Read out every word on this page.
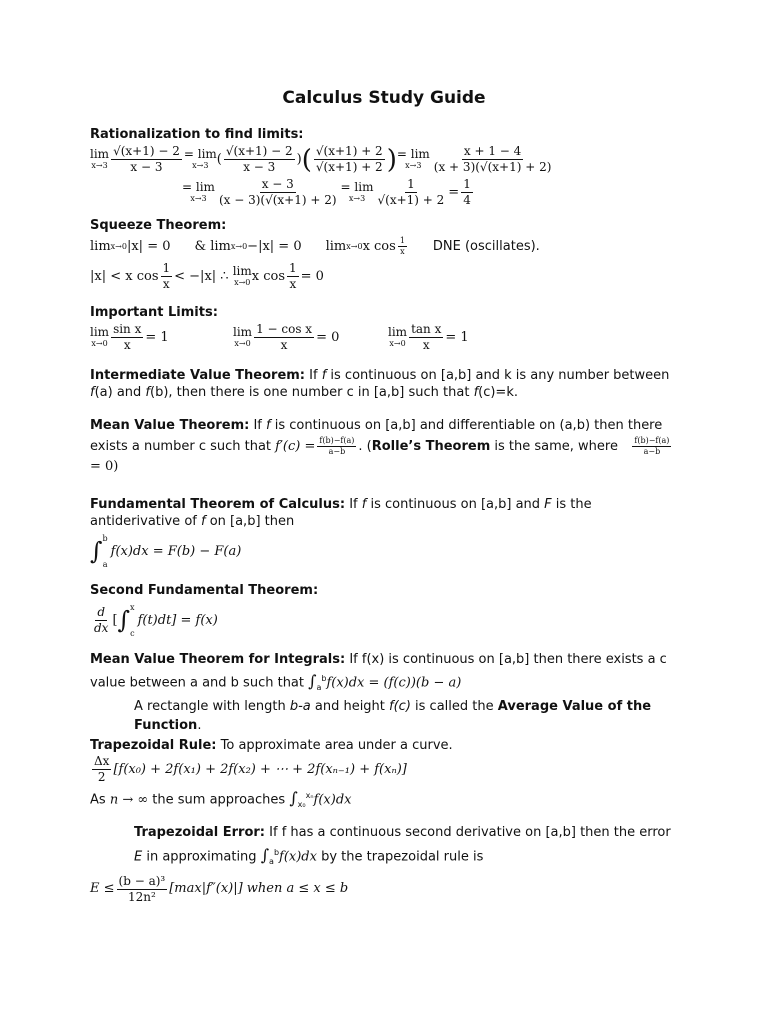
Calculus Study Guide
Rationalization to find limits:
lim
$x\to 3 \frac{√(x+1) - 2}{x - 3} = \lim$
x→3 ( $\frac{√(x+1) - 2}{x - 3}$ ) ( $\frac{√(x+1) + 2}{√(x+1) + 2}$ ) = lim
$x\to 3 \frac{x + 1 - 4}{(x + 3)(√(x+1) + 2)}$
= lim
$x\to 3 \frac{x - 3}{(x - 3)(√(x+1) + 2)} = \lim$
$x\to 3 \frac{1}{√(x+1) + 2} = \frac{1}{4}$
Squeeze Theorem:
lim x→0 |x| = 0 & lim x→0 −|x| = 0 lim x→0 x $\cos \frac{1}{x}$ DNE (oscillates).
|x| < x $\cos \frac{1}{x} < -|x|$ ∴
lim
x→0 x $\cos \frac{1}{x} = 0$
Important Limits:
lim
$x\to 0 \frac{\text{sin x}}{x} = 1$	lim
$x\to 0 \frac{\text{1 − cos x}}{x} = 0$	lim
$x\to 0 \frac{\text{tan x}}{x} = 1$
Intermediate Value Theorem: If f is continuous on [a,b] and k is any number between f(a) and f(b), then there is one number c in [a,b] such that f(c)=k.
Mean Value Theorem: If f is continuous on [a,b] and differentiable on (a,b) then there exists a number c such that $f'(c) = \frac{f(b)-f(a)}{a-b}$ . (Rolle’s Theorem is the same, where $\frac{f(b)-f(a)}{a-b}$
= 0)
Fundamental Theorem of Calculus: If f is continuous on [a,b] and F is the antiderivative of f on [a,b] then
∫ b

a
f(x)dx = F(b) − F(a)
Second Fundamental Theorem:
$\frac{d}{dx}$ [ ∫ x

c
f(t)dt] = f(x)
Mean Value Theorem for Integrals: If f(x) is continuous on [a,b] then there exists a c value between a and b such that $\int_a^bf(x)dx = (f(c))(b - a)$
A rectangle with length b-a and height f(c) is called the Average Value of the Function.
Trapezoidal Rule: To approximate area under a curve.
$\frac{\Delta x}{2} [f(x_0) + 2f(x_1) + 2f(x_2)$ + ⋯ + 2f(xₙ₋₁) + f(xₙ)]
As n → ∞ the sum approaches $\int_{x_0}^{x_n}f(x)dx$
Trapezoidal Error: If f has a continuous second derivative on [a,b] then the error E in approximating $\int_a^bf(x)dx$ by the trapezoidal rule is
$E \le \frac{\text{(b − a)³}}{\text{12n²}} [\max|f''(x)|]$ when a ≤ x ≤ b
